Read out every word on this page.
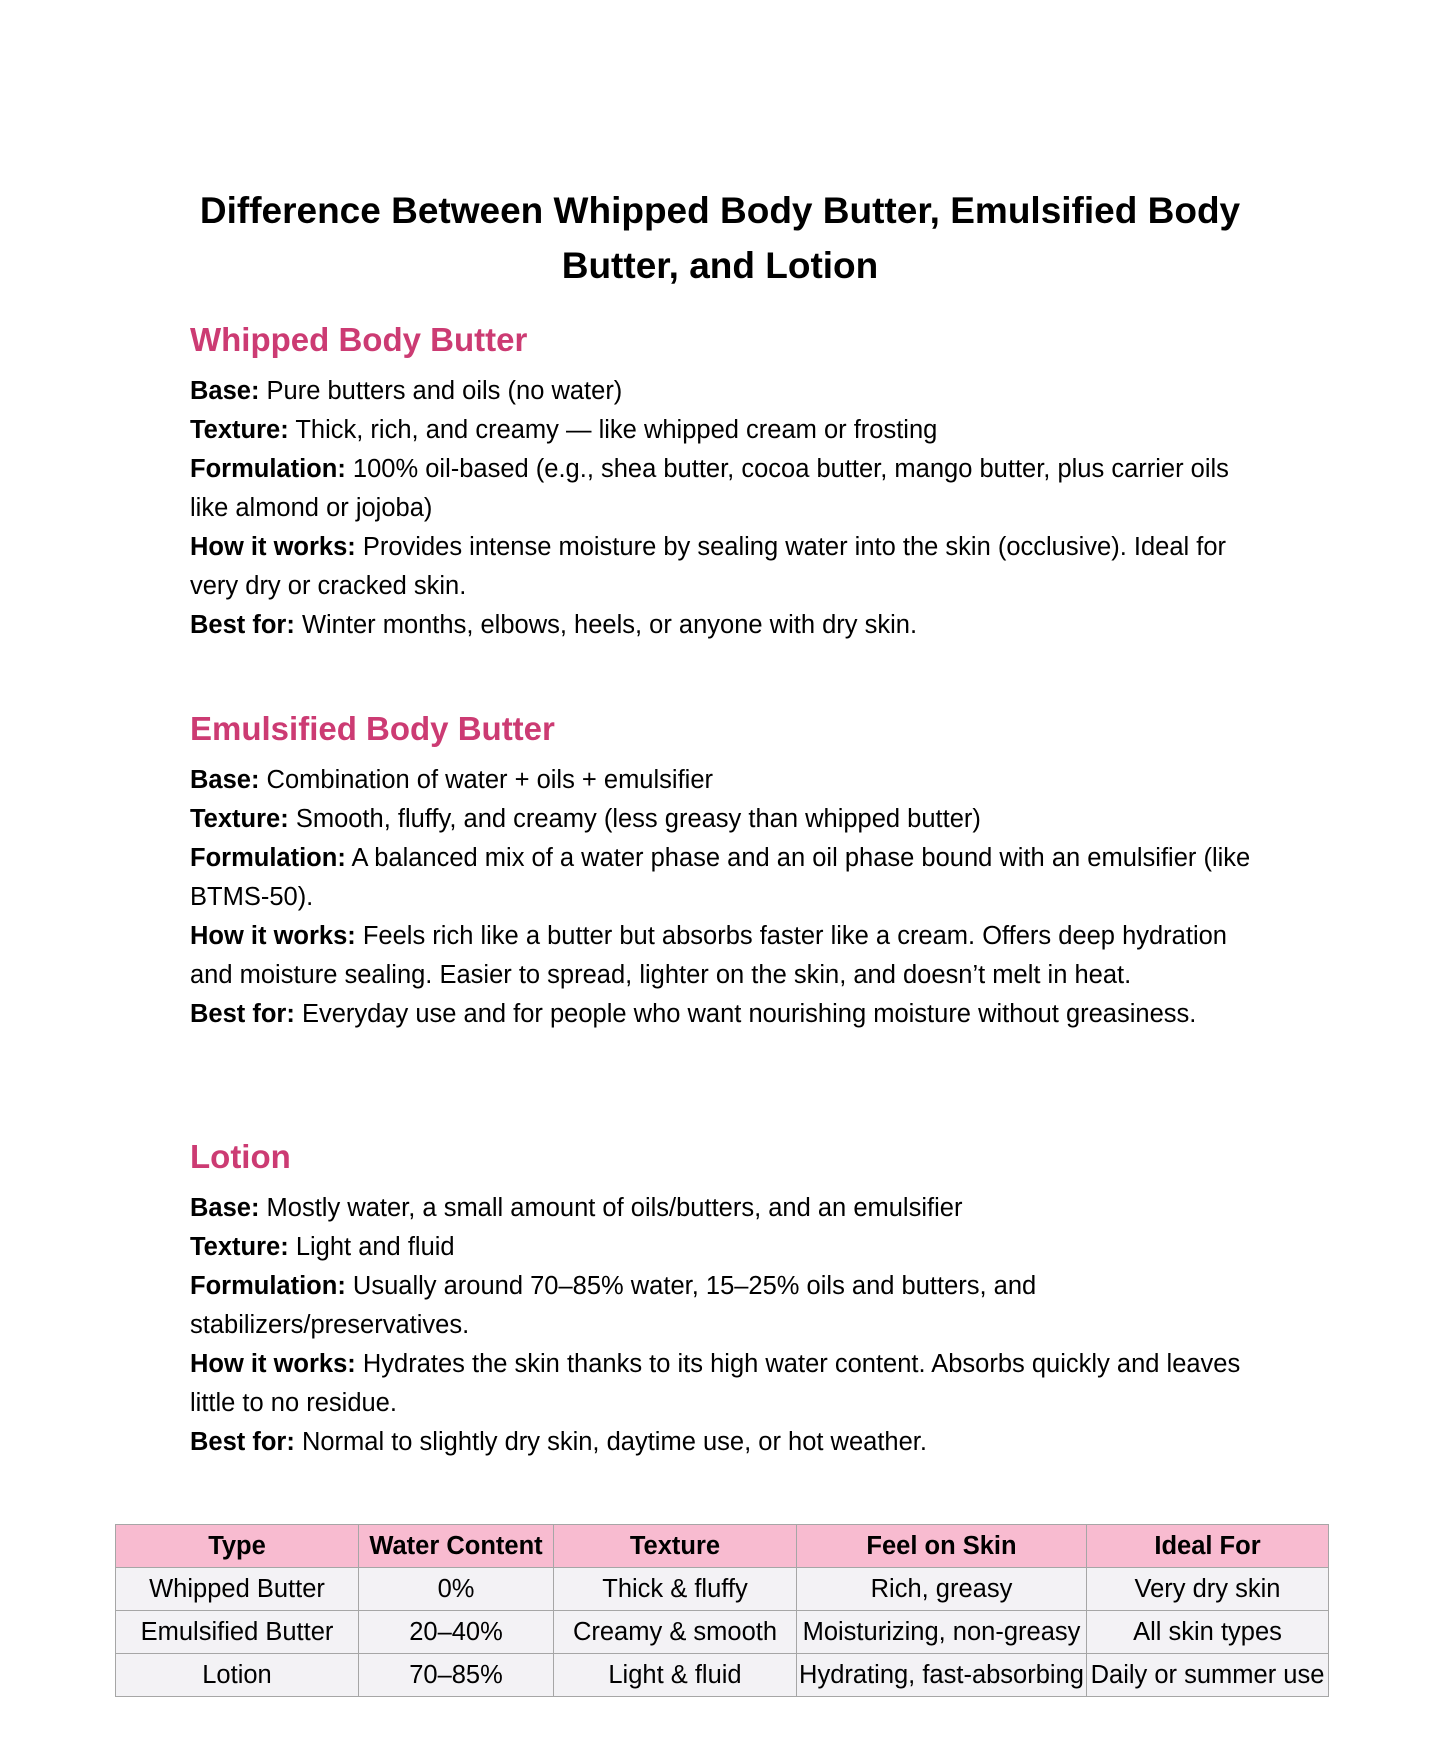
Difference Between Whipped Body Butter, Emulsified Body Butter, and Lotion
Whipped Body Butter

Base: Pure butters and oils (no water)

Texture: Thick, rich, and creamy — like whipped cream or frosting

Formulation: 100% oil-based (e.g., shea butter, cocoa butter, mango butter, plus carrier oils like almond or jojoba)

How it works: Provides intense moisture by sealing water into the skin (occlusive). Ideal for very dry or cracked skin.

Best for: Winter months, elbows, heels, or anyone with dry skin.

Emulsified Body Butter

Base: Combination of water + oils + emulsifier

Texture: Smooth, fluffy, and creamy (less greasy than whipped butter)

Formulation: A balanced mix of a water phase and an oil phase bound with an emulsifier (like BTMS-50).

How it works: Feels rich like a butter but absorbs faster like a cream. Offers deep hydration and moisture sealing. Easier to spread, lighter on the skin, and doesn’t melt in heat.

Best for: Everyday use and for people who want nourishing moisture without greasiness.

Lotion

Base: Mostly water, a small amount of oils/butters, and an emulsifier

Texture: Light and fluid

Formulation: Usually around 70–85% water, 15–25% oils and butters, and stabilizers/preservatives.

How it works: Hydrates the skin thanks to its high water content. Absorbs quickly and leaves little to no residue.

Best for: Normal to slightly dry skin, daytime use, or hot weather.

Type	Water Content	Texture	Feel on Skin	Ideal For
Whipped Butter	0%	Thick & fluffy	Rich, greasy	Very dry skin
Emulsified Butter	20–40%	Creamy & smooth	Moisturizing, non-greasy	All skin types
Lotion	70–85%	Light & fluid	Hydrating, fast-absorbing	Daily or summer use
